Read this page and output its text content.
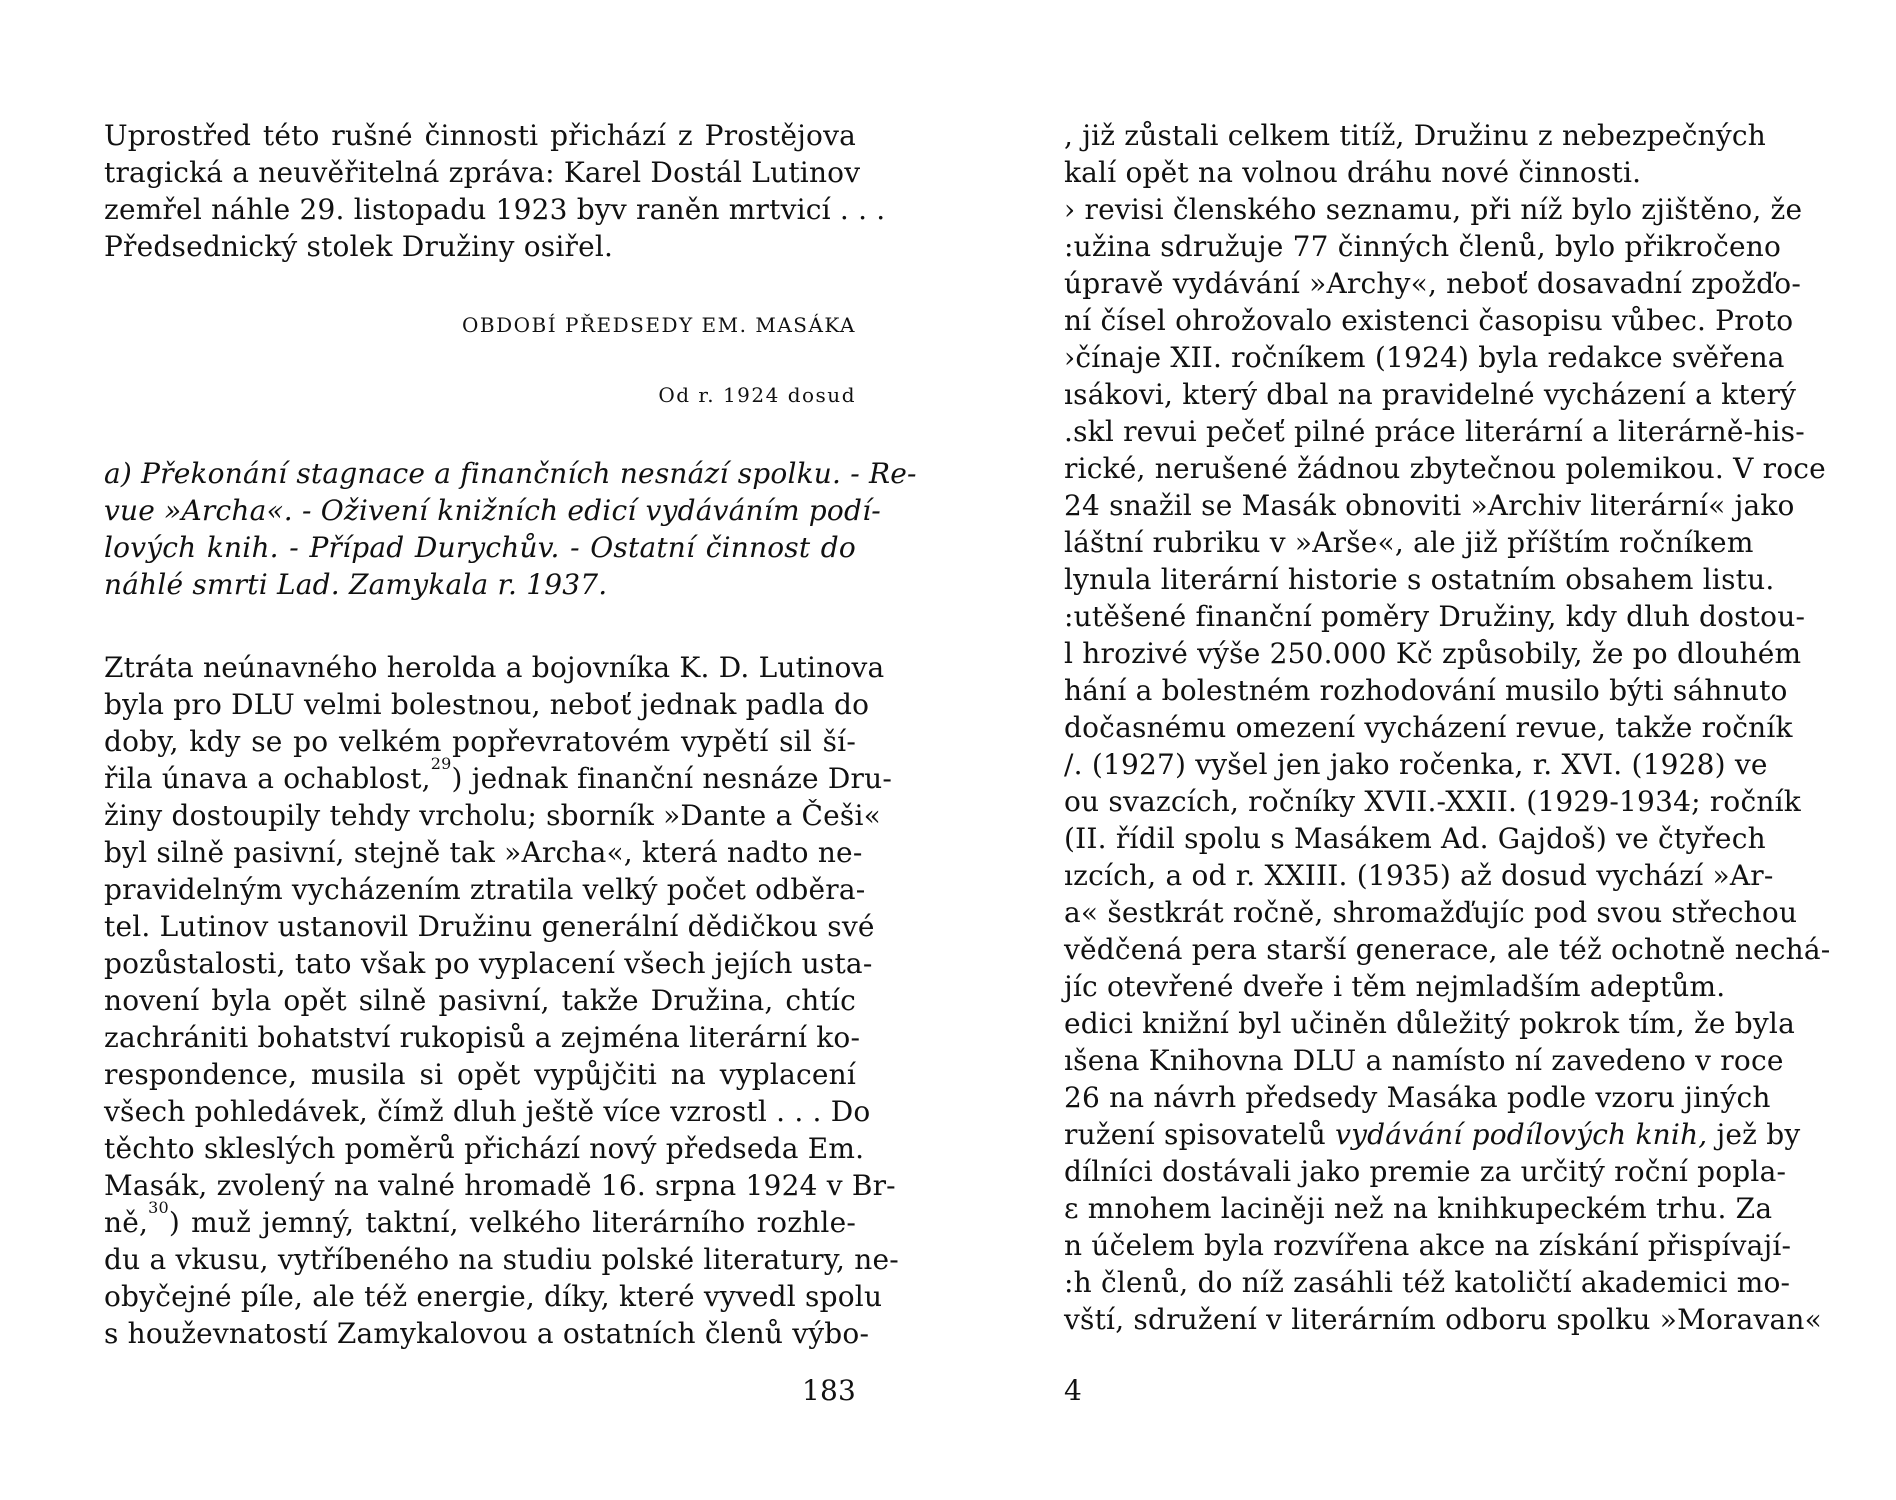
Uprostřed této rušné činnosti přichází z Prostějova
tragická a neuvěřitelná zpráva: Karel Dostál Lutinov
zemřel náhle 29. listopadu 1923 byv raněn mrtvicí . . .
Předsednický stolek Družiny osiřel.
OBDOBÍ PŘEDSEDY EM. MASÁKA
Od r. 1924 dosud
a) Překonání stagnace a finančních nesnází spolku. - Re-
vue »Archa«. - Oživení knižních edicí vydáváním podí-
lových knih. - Případ Durychův. - Ostatní činnost do
náhlé smrti Lad. Zamykala r. 1937.
Ztráta neúnavného herolda a bojovníka K. D. Lutinova
byla pro DLU velmi bolestnou, neboť jednak padla do
doby, kdy se po velkém popřevratovém vypětí sil ší-
řila únava a ochablost, 29 ) jednak finanční nesnáze Dru-
žiny dostoupily tehdy vrcholu; sborník »Dante a Češi«
byl silně pasivní, stejně tak »Archa«, která nadto ne-
pravidelným vycházením ztratila velký počet odběra-
tel. Lutinov ustanovil Družinu generální dědičkou své
pozůstalosti, tato však po vyplacení všech jejích usta-
novení byla opět silně pasivní, takže Družina, chtíc
zachrániti bohatství rukopisů a zejména literární ko-
respondence, musila si opět vypůjčiti na vyplacení
všech pohledávek, čímž dluh ještě více vzrostl . . . Do
těchto skleslých poměrů přichází nový předseda Em.
Masák, zvolený na valné hromadě 16. srpna 1924 v Br-
ně, 30 ) muž jemný, taktní, velkého literárního rozhle-
du a vkusu, vytříbeného na studiu polské literatury, ne-
obyčejné píle, ale též energie, díky, které vyvedl spolu
s houževnatostí Zamykalovou a ostatních členů výbo-
183
, již zůstali celkem titíž, Družinu z nebezpečných
kalí opět na volnou dráhu nové činnosti.
› revisi členského seznamu, při níž bylo zjištěno, že
:užina sdružuje 77 činných členů, bylo přikročeno
úpravě vydávání »Archy«, neboť dosavadní zpožďo-
ní čísel ohrožovalo existenci časopisu vůbec. Proto
›čínaje XII. ročníkem (1924) byla redakce svěřena
ısákovi, který dbal na pravidelné vycházení a který
.skl revui pečeť pilné práce literární a literárně-his-
rické, nerušené žádnou zbytečnou polemikou. V roce
24 snažil se Masák obnoviti »Archiv literární« jako
láštní rubriku v »Arše«, ale již příštím ročníkem
lynula literární historie s ostatním obsahem listu.
:utěšené finanční poměry Družiny, kdy dluh dostou-
l hrozivé výše 250.000 Kč způsobily, že po dlouhém
hání a bolestném rozhodování musilo býti sáhnuto
dočasnému omezení vycházení revue, takže ročník
/. (1927) vyšel jen jako ročenka, r. XVI. (1928) ve
ou svazcích, ročníky XVII.-XXII. (1929-1934; ročník
(II. řídil spolu s Masákem Ad. Gajdoš) ve čtyřech
ızcích, a od r. XXIII. (1935) až dosud vychází »Ar-
a« šestkrát ročně, shromažďujíc pod svou střechou
vědčená pera starší generace, ale též ochotně nechá-
jíc otevřené dveře i těm nejmladším adeptům.
edici knižní byl učiněn důležitý pokrok tím, že byla
ıšena Knihovna DLU a namísto ní zavedeno v roce
26 na návrh předsedy Masáka podle vzoru jiných
ružení spisovatelů vydávání podílových knih, jež by
dílníci dostávali jako premie za určitý roční popla-
ε mnohem laciněji než na knihkupeckém trhu. Za
n účelem byla rozvířena akce na získání přispívají-
:h členů, do níž zasáhli též katoličtí akademici mo-
vští, sdružení v literárním odboru spolku »Moravan«
4
